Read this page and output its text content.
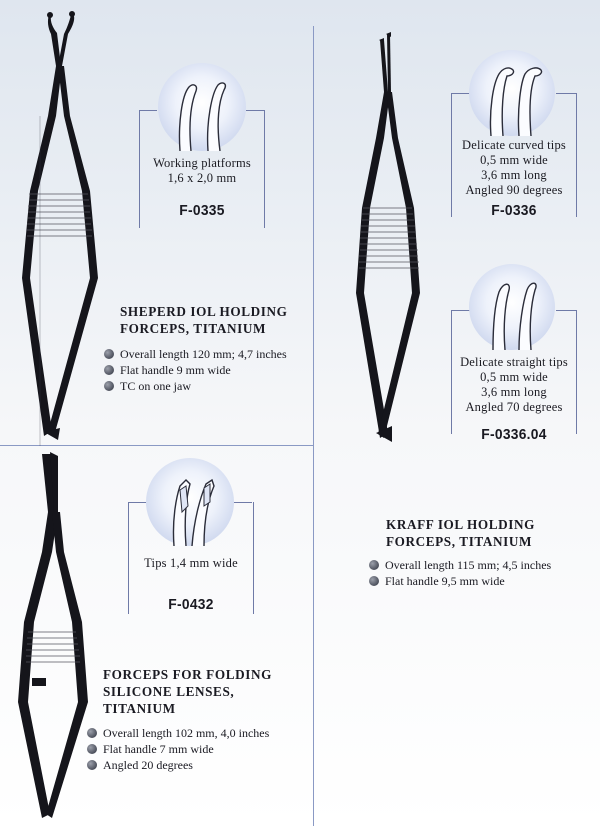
Working platforms
1,6 x 2,0 mm
F-0335
SHEPERD IOL HOLDING
FORCEPS, TITANIUM
Overall length 120 mm; 4,7 inches
Flat handle 9 mm wide
TC on one jaw
Delicate curved tips
0,5 mm wide
3,6 mm long
Angled 90 degrees
F-0336
Delicate straight tips
0,5 mm wide
3,6 mm long
Angled 70 degrees
F-0336.04
KRAFF IOL HOLDING
FORCEPS, TITANIUM
Overall length 115 mm; 4,5 inches
Flat handle 9,5 mm wide
Tips 1,4 mm wide
F-0432
FORCEPS FOR FOLDING
SILICONE LENSES,
TITANIUM
Overall length 102 mm, 4,0 inches
Flat handle 7 mm wide
Angled 20 degrees
